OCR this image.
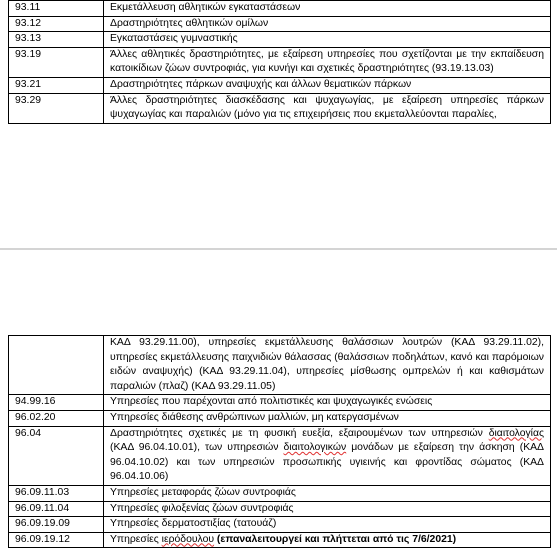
93.11	Εκμετάλλευση αθλητικών εγκαταστάσεων
93.12	Δραστηριότητες αθλητικών ομίλων
93.13	Εγκαταστάσεις γυμναστικής
93.19	Άλλες αθλητικές δραστηριότητες, με εξαίρεση υπηρεσίες που σχετίζονται με την εκπαίδευση κατοικίδιων ζώων συντροφιάς, για κυνήγι και σχετικές δραστηριότητες (93.19.13.03)
93.21	Δραστηριότητες πάρκων αναψυχής και άλλων θεματικών πάρκων
93.29	Άλλες δραστηριότητες διασκέδασης και ψυχαγωγίας, με εξαίρεση υπηρεσίες πάρκων ψυχαγωγίας και παραλιών (μόνο για τις επιχειρήσεις που εκμεταλλεύονται παραλίες,
	ΚΑΔ 93.29.11.00), υπηρεσίες εκμετάλλευσης θαλάσσιων λουτρών (ΚΑΔ 93.29.11.02), υπηρεσίες εκμετάλλευσης παιχνιδιών θάλασσας (θαλάσσιων ποδηλάτων, κανό και παρόμοιων ειδών αναψυχής) (ΚΑΔ 93.29.11.04), υπηρεσίες μίσθωσης ομπρελών ή και καθισμάτων παραλιών (πλαζ) (ΚΑΔ 93.29.11.05)
94.99.16	Υπηρεσίες που παρέχονται από πολιτιστικές και ψυχαγωγικές ενώσεις
96.02.20	Υπηρεσίες διάθεσης ανθρώπινων μαλλιών, μη κατεργασμένων
96.04	Δραστηριότητες σχετικές με τη φυσική ευεξία, εξαιρουμένων των υπηρεσιών διαιτολογίας (ΚΑΔ 96.04.10.01), των υπηρεσιών διαιτολογικών μονάδων με εξαίρεση την άσκηση (ΚΑΔ 96.04.10.02) και των υπηρεσιών προσωπικής υγιεινής και φροντίδας σώματος (ΚΑΔ 96.04.10.06)
96.09.11.03	Υπηρεσίες μεταφοράς ζώων συντροφιάς
96.09.11.04	Υπηρεσίες φιλοξενίας ζώων συντροφιάς
96.09.19.09	Υπηρεσίες δερματοστιξίας (τατουάζ)
96.09.19.12	Υπηρεσίες ιερόδουλου (επαναλειτουργεί και πλήττεται από τις 7/6/2021)
